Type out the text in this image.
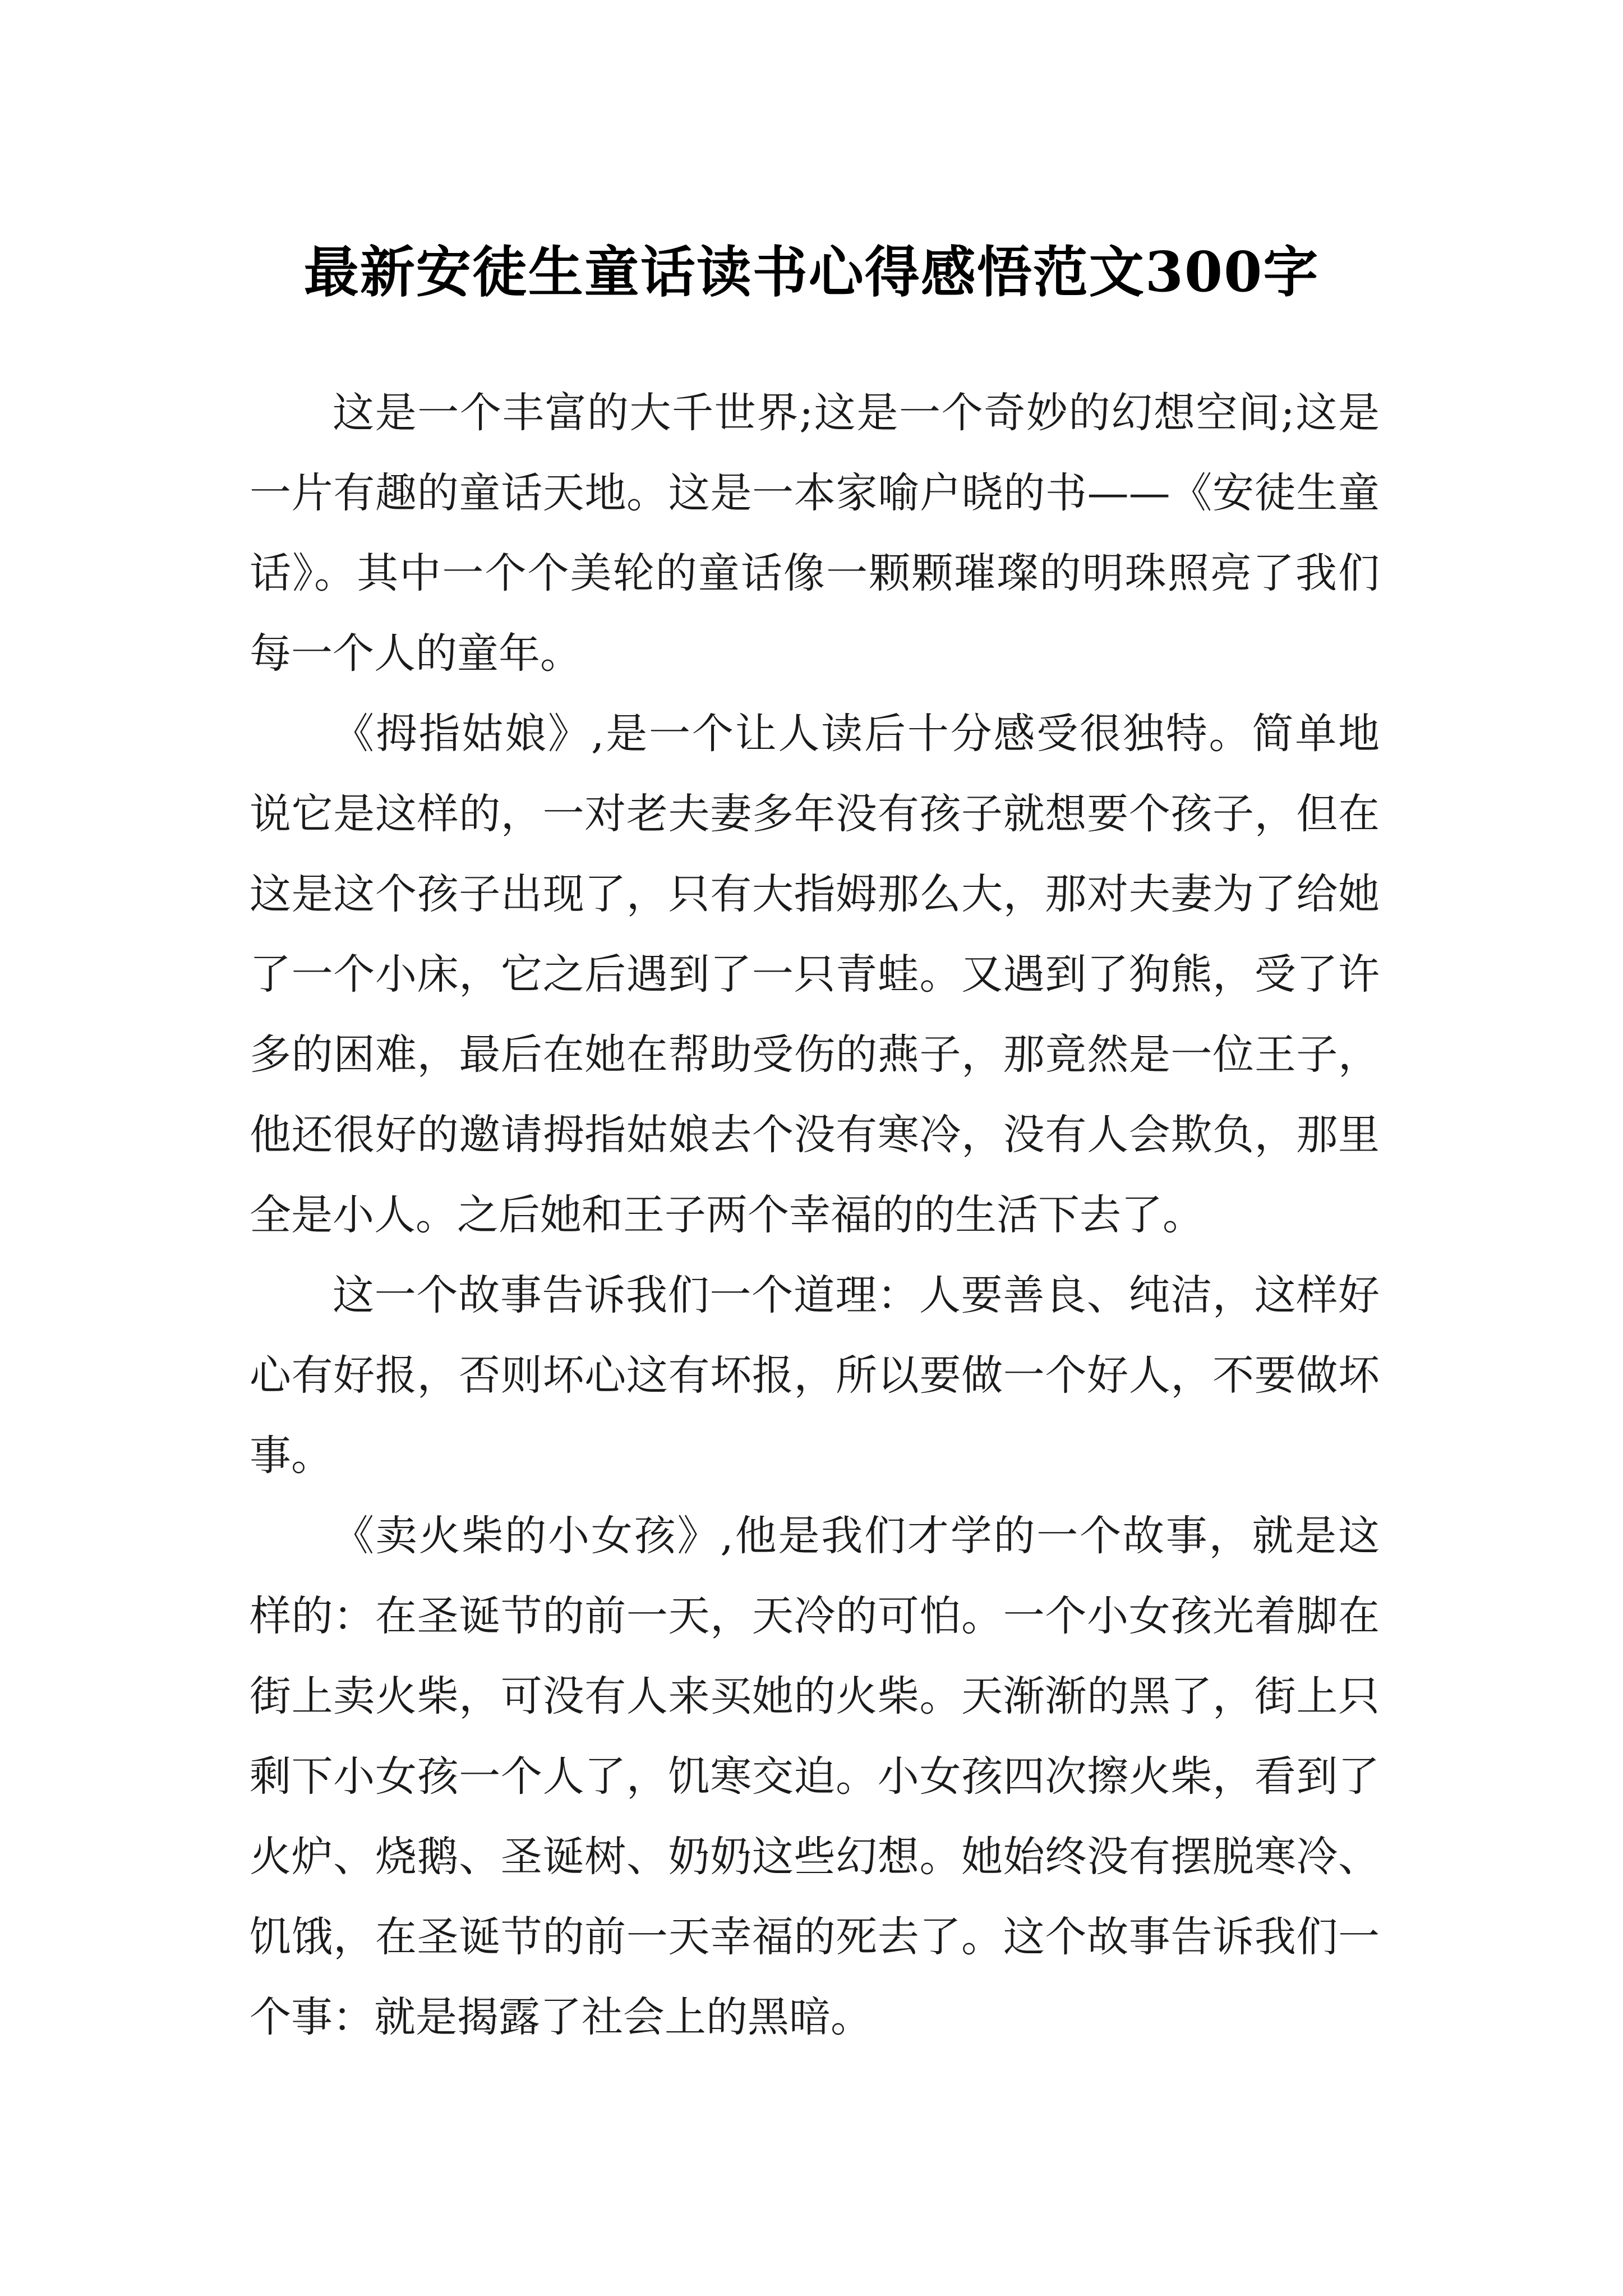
最新安徒生童话读书心得感悟范文300字

这是一个丰富的大千世界;这是一个奇妙的幻想空间;这是一片有趣的童话天地。这是一本家喻户晓的书——《安徒生童话》。其中一个个美轮的童话像一颗颗璀璨的明珠照亮了我们每一个人的童年。

《拇指姑娘》,是一个让人读后十分感受很独特。简单地说它是这样的，一对老夫妻多年没有孩子就想要个孩子，但在这是这个孩子出现了，只有大指姆那么大，那对夫妻为了给她了一个小床，它之后遇到了一只青蛙。又遇到了狗熊，受了许多的困难，最后在她在帮助受伤的燕子，那竟然是一位王子，他还很好的邀请拇指姑娘去个没有寒冷，没有人会欺负，那里全是小人。之后她和王子两个幸福的的生活下去了。

这一个故事告诉我们一个道理：人要善良、纯洁，这样好心有好报，否则坏心这有坏报，所以要做一个好人，不要做坏事。

《卖火柴的小女孩》,他是我们才学的一个故事，就是这样的：在圣诞节的前一天，天冷的可怕。一个小女孩光着脚在街上卖火柴，可没有人来买她的火柴。天渐渐的黑了，街上只剩下小女孩一个人了，饥寒交迫。小女孩四次擦火柴，看到了火炉、烧鹅、圣诞树、奶奶这些幻想。她始终没有摆脱寒冷、饥饿，在圣诞节的前一天幸福的死去了。这个故事告诉我们一个事：就是揭露了社会上的黑暗。
